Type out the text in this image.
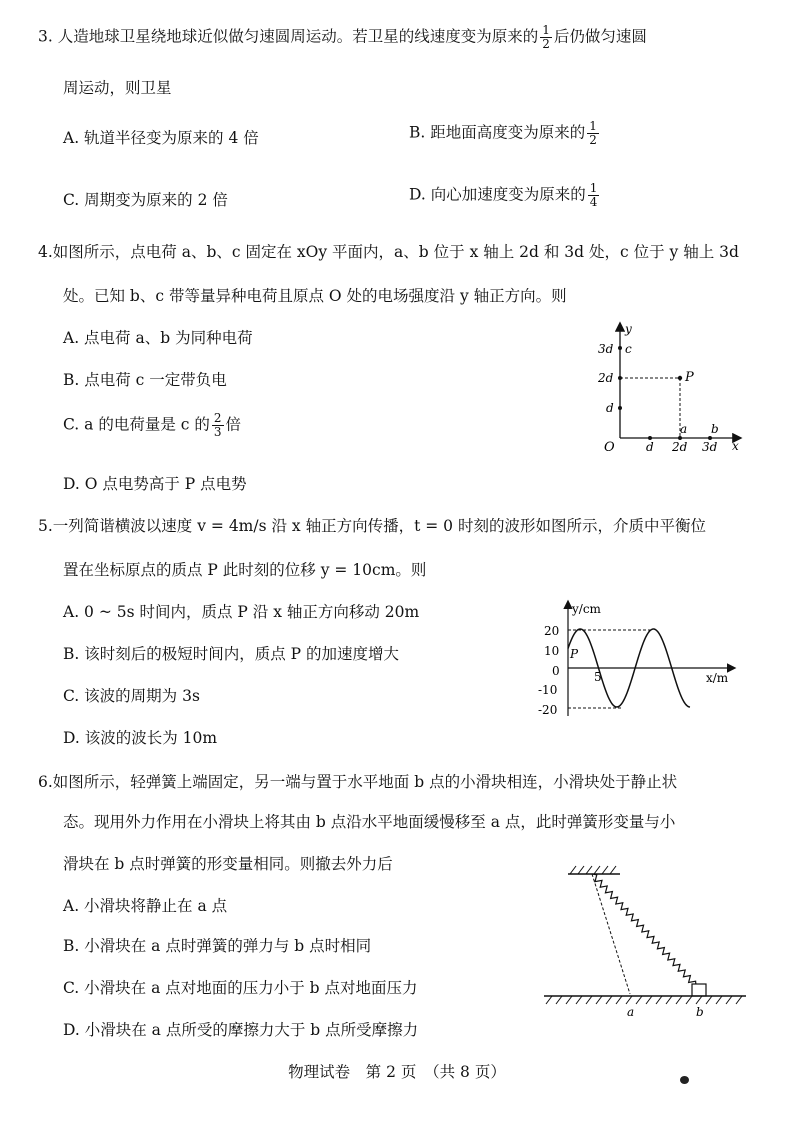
3. 人造地球卫星绕地球近似做匀速圆周运动。若卫星的线速度变为原来的 $\frac{1}{2}$ 后仍做匀速圆
周运动，则卫星
A. 轨道半径变为原来的 4 倍	B. 距地面高度变为原来的 $\frac{1}{2}$
C. 周期变为原来的 2 倍	D. 向心加速度变为原来的 $\frac{1}{4}$
4.如图所示，点电荷 a、b、c 固定在 xOy 平面内，a、b 位于 x 轴上 2d 和 3d 处，c 位于 y 轴上 3d
处。已知 b、c 带等量异种电荷且原点 O 处的电场强度沿 y 轴正方向。则
A. 点电荷 a、b 为同种电荷
B. 点电荷 c 一定带负电
C. a 的电荷量是 c 的 $\frac{2}{3}$ 倍
D. O 点电势高于 P 点电势
y
x
O
3d
2d
d
d 2d 3d
c
P
a b
5.一列简谐横波以速度 v = 4m/s 沿 x 轴正方向传播，t = 0 时刻的波形如图所示，介质中平衡位
置在坐标原点的质点 P 此时刻的位移 y = 10cm。则
A. 0 ~ 5s 时间内，质点 P 沿 x 轴正方向移动 20m
B. 该时刻后的极短时间内，质点 P 的加速度增大
C. 该波的周期为 3s
D. 该波的波长为 10m
y/cm
x/m
20
10
0
-10
-20
P
5
6.如图所示，轻弹簧上端固定，另一端与置于水平地面 b 点的小滑块相连，小滑块处于静止状
态。现用外力作用在小滑块上将其由 b 点沿水平地面缓慢移至 a 点，此时弹簧形变量与小
滑块在 b 点时弹簧的形变量相同。则撤去外力后
A. 小滑块将静止在 a 点
B. 小滑块在 a 点时弹簧的弹力与 b 点时相同
C. 小滑块在 a 点对地面的压力小于 b 点对地面压力
D. 小滑块在 a 点所受的摩擦力大于 b 点所受摩擦力
a	b
物理试卷　第 2 页　（共 8 页）
